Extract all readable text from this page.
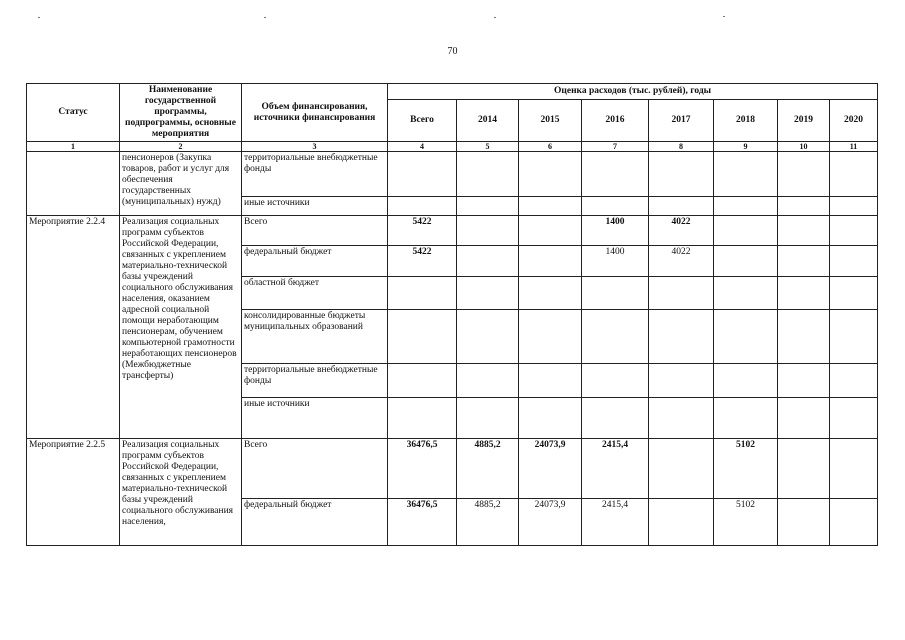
70
Статус	Наименование государственной программы, подпрограммы, основные мероприятия	Объем финансирования, источники финансирования	Оценка расходов (тыс. рублей), годы							
			Всего	2014	2015	2016	2017	2018	2019	2020
1	2	3	4	5	6	7	8	9	10	11
	пенсионеров (Закупка товаров, работ и услуг для обеспечения государственных (муниципальных) нужд)	территориальные внебюджетные фонды								
		иные источники								
Мероприятие 2.2.4	Реализация социальных программ субъектов Российской Федерации, связанных с укреплением материально-технической базы учреждений социального обслуживания населения, оказанием адресной социальной помощи неработающим пенсионерам, обучением компьютерной грамотности неработающих пенсионеров (Межбюджетные трансферты)	Всего	5422			1400	4022			
		федеральный бюджет	5422			1400	4022			
		областной бюджет								
		консолидированные бюджеты муниципальных образований								
		территориальные внебюджетные фонды								
		иные источники								
Мероприятие 2.2.5	Реализация социальных программ субъектов Российской Федерации, связанных с укреплением материально-технической базы учреждений социального обслуживания населения,	Всего	36476,5	4885,2	24073,9	2415,4		5102		
		федеральный бюджет	36476,5	4885,2	24073,9	2415,4		5102		
